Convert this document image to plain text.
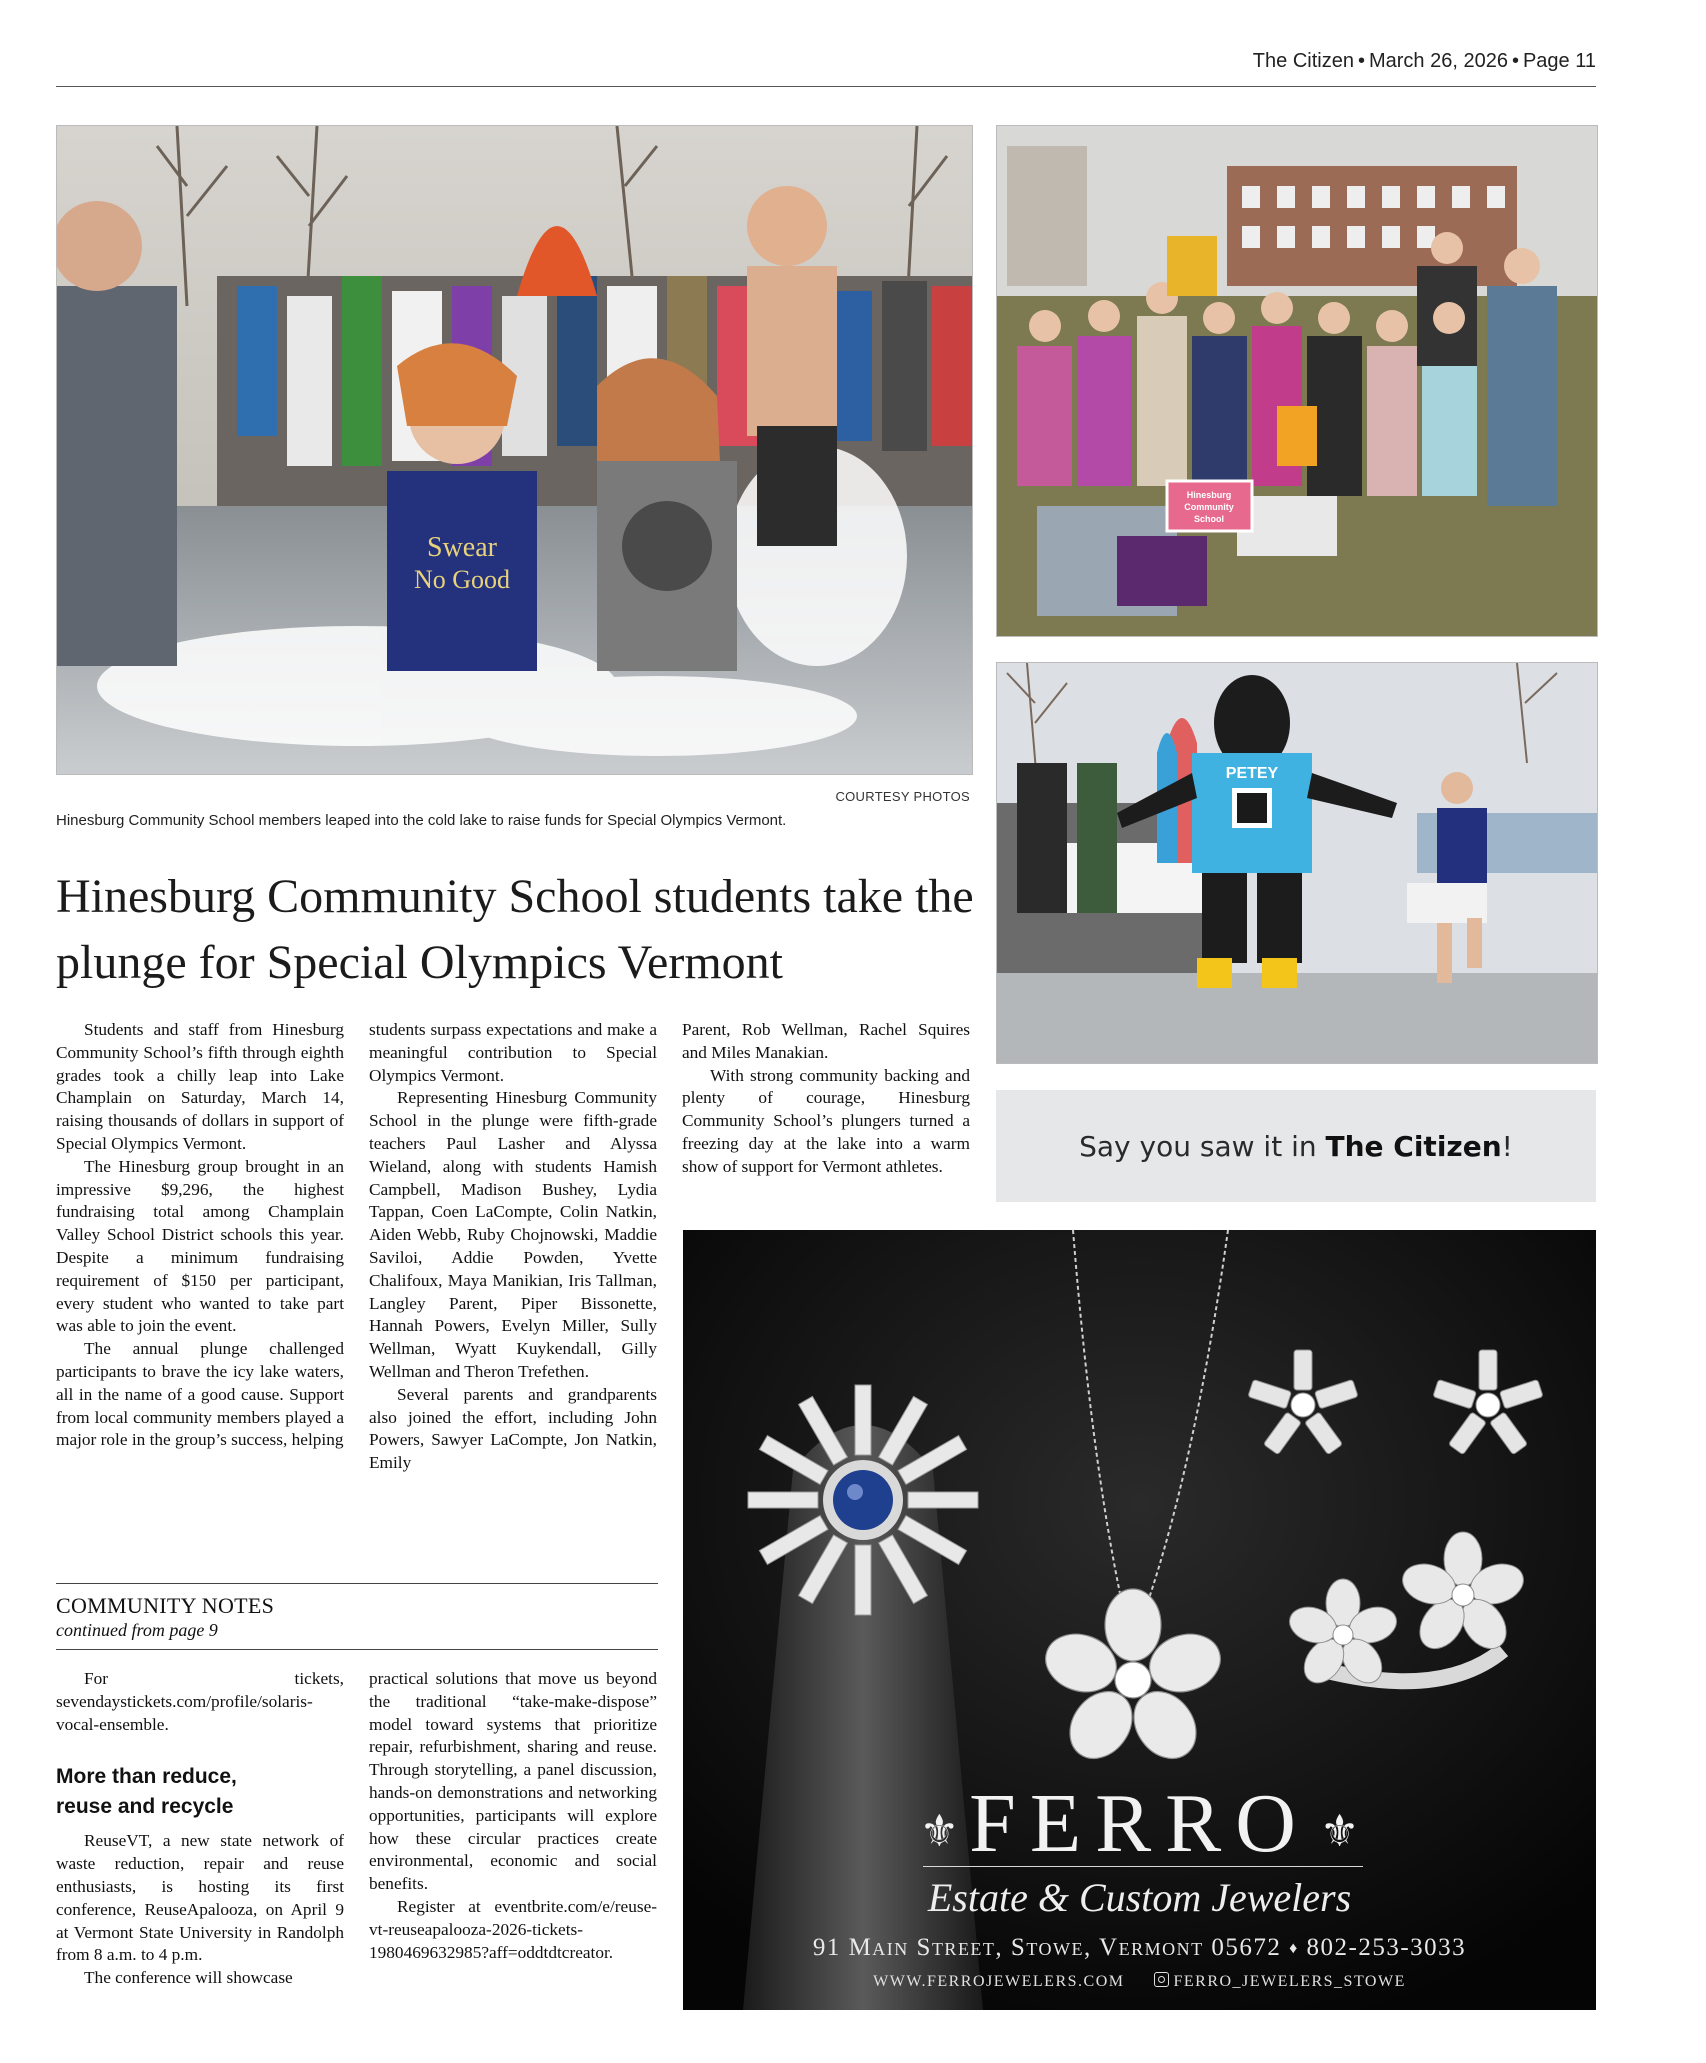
The Citizen • March 26, 2026 • Page 11
Swear
No Good
COURTESY PHOTOS
Hinesburg Community School members leaped into the cold lake to raise funds for Special Olympics Vermont.
Hinesburg
Community
School
PETEY
Hinesburg Community School students take the plunge for Special Olympics Vermont

Students and staff from Hinesburg Community School’s fifth through eighth grades took a chilly leap into Lake Champlain on Saturday, March 14, raising thousands of dollars in support of Special Olympics Vermont.

The Hinesburg group brought in an impressive $9,296, the highest fundraising total among Champlain Valley School District schools this year. Despite a minimum fundraising requirement of $150 per participant, every student who wanted to take part was able to join the event.

The annual plunge challenged participants to brave the icy lake waters, all in the name of a good cause. Support from local community members played a major role in the group’s success, helping

students surpass expectations and make a meaningful contribution to Special Olympics Vermont.

Representing Hinesburg Community School in the plunge were fifth-grade teachers Paul Lasher and Alyssa Wieland, along with students Hamish Campbell, Madison Bushey, Lydia Tappan, Coen LaCompte, Colin Natkin, Aiden Webb, Ruby Chojnowski, Maddie Saviloi, Addie Powden, Yvette Chalifoux, Maya Manikian, Iris Tallman, Langley Parent, Piper Bissonette, Hannah Powers, Evelyn Miller, Sully Wellman, Wyatt Kuykendall, Gilly Wellman and Theron Trefethen.

Several parents and grandparents also joined the effort, including John Powers, Sawyer LaCompte, Jon Natkin, Emily

Parent, Rob Wellman, Rachel Squires and Miles Manakian.

With strong community backing and plenty of courage, Hinesburg Community School’s plungers turned a freezing day at the lake into a warm show of support for Vermont athletes.

COMMUNITY NOTES
continued from page 9

For tickets, sevendaystickets.com/profile/solaris-vocal-ensemble.

More than reduce,
reuse and recycle

ReuseVT, a new state network of waste reduction, repair and reuse enthusiasts, is hosting its first conference, ReuseApalooza, on April 9 at Vermont State University in Randolph from 8 a.m. to 4 p.m.

The conference will showcase

practical solutions that move us beyond the traditional “take-make-dispose” model toward systems that prioritize repair, refurbishment, sharing and reuse. Through storytelling, a panel discussion, hands-on demonstrations and networking opportunities, participants will explore how these circular practices create environmental, economic and social benefits.

Register at eventbrite.com/e/reuse-vt-reuseapalooza-2026-tickets-1980469632985?aff=oddtdtcreator.

Say you saw it in The Citizen !
⚜ FERRO ⚜
Estate & Custom Jewelers
91 Main Street, Stowe, Vermont 05672 ♦ 802-253-3033
WWW.FERROJEWELERS.COM	FERRO_JEWELERS_STOWE
